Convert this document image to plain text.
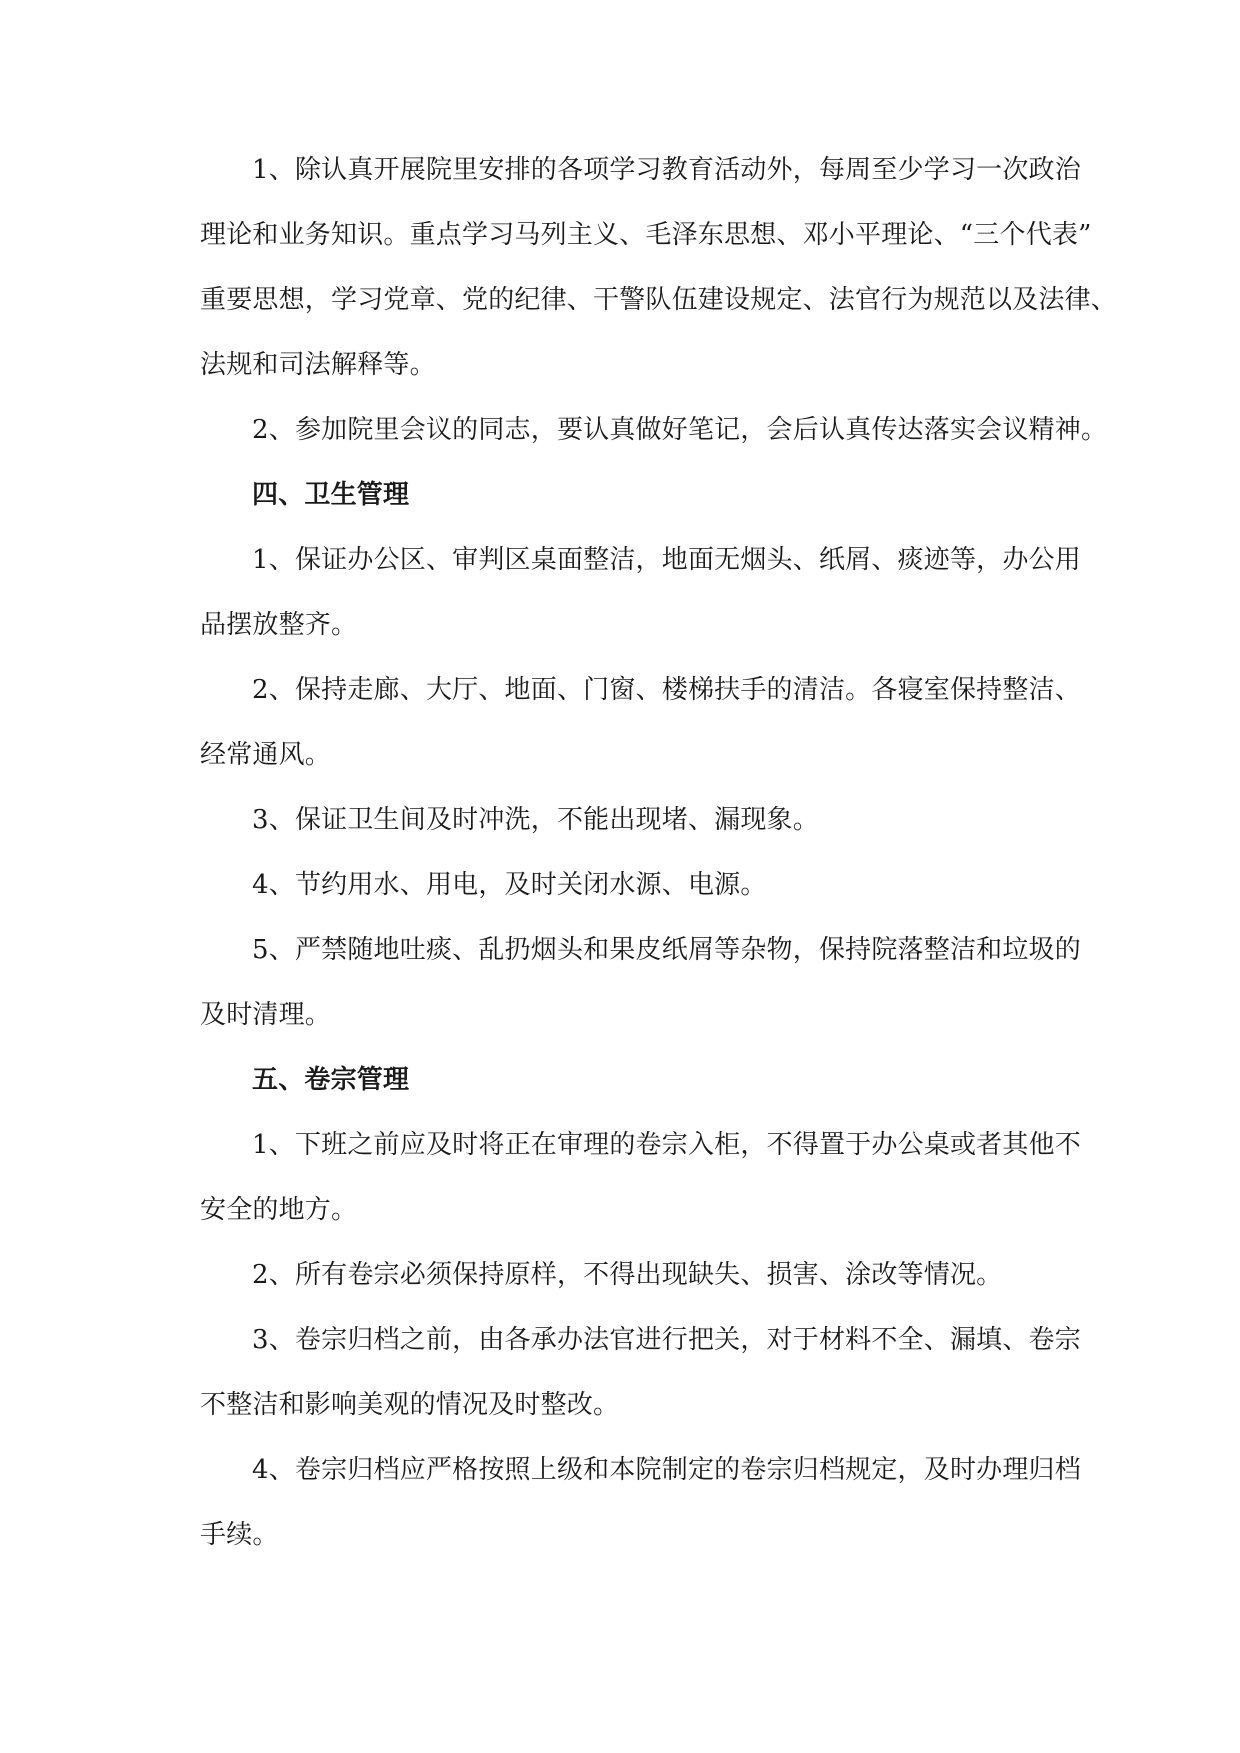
1、除认真开展院里安排的各项学习教育活动外，每周至少学习一次政治
理论和业务知识。重点学习马列主义、毛泽东思想、邓小平理论、“三个代表”
重要思想，学习党章、党的纪律、干警队伍建设规定、法官行为规范以及法律、
法规和司法解释等。
2、参加院里会议的同志，要认真做好笔记，会后认真传达落实会议精神。
四、卫生管理
1、保证办公区、审判区桌面整洁，地面无烟头、纸屑、痰迹等，办公用
品摆放整齐。
2、保持走廊、大厅、地面、门窗、楼梯扶手的清洁。各寝室保持整洁、
经常通风。
3、保证卫生间及时冲洗，不能出现堵、漏现象。
4、节约用水、用电，及时关闭水源、电源。
5、严禁随地吐痰、乱扔烟头和果皮纸屑等杂物，保持院落整洁和垃圾的
及时清理。
五、卷宗管理
1、下班之前应及时将正在审理的卷宗入柜，不得置于办公桌或者其他不
安全的地方。
2、所有卷宗必须保持原样，不得出现缺失、损害、涂改等情况。
3、卷宗归档之前，由各承办法官进行把关，对于材料不全、漏填、卷宗
不整洁和影响美观的情况及时整改。
4、卷宗归档应严格按照上级和本院制定的卷宗归档规定，及时办理归档
手续。
